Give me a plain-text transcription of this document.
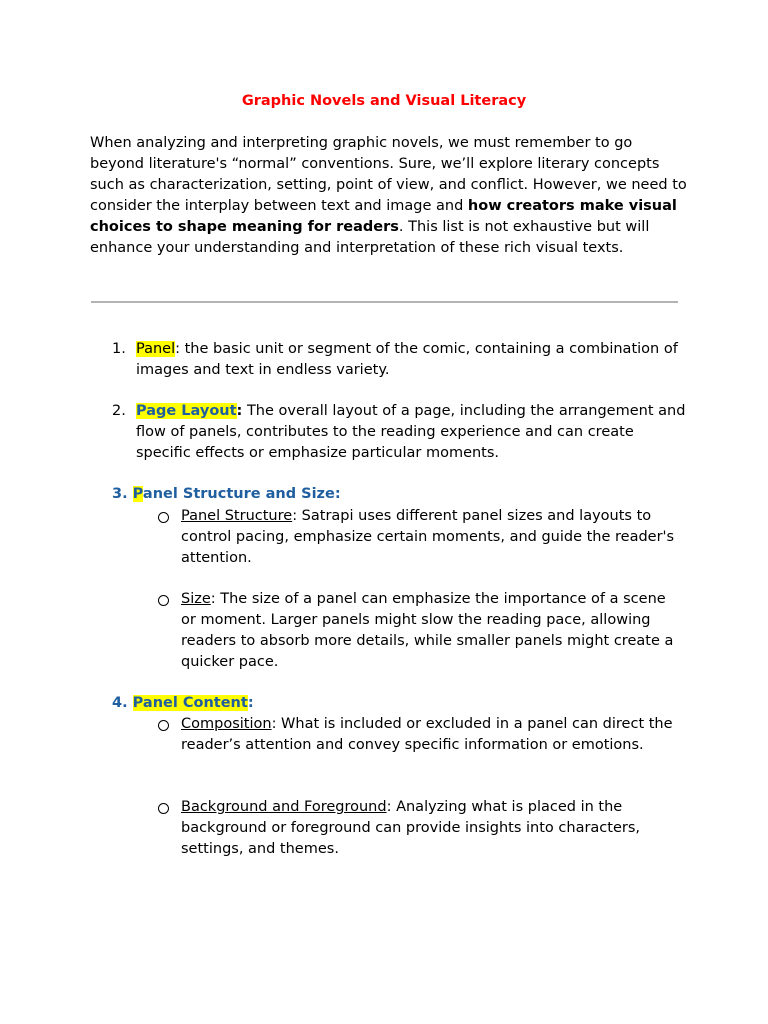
Graphic Novels and Visual Literacy
When analyzing and interpreting graphic novels, we must remember to go beyond literature's “normal” conventions. Sure, we’ll explore literary concepts such as characterization, setting, point of view, and conflict. However, we need to consider the interplay between text and image and how creators make visual choices to shape meaning for readers. This list is not exhaustive but will enhance your understanding and interpretation of these rich visual texts.
1. Panel: the basic unit or segment of the comic, containing a combination of images and text in endless variety.
2. Page Layout: The overall layout of a page, including the arrangement and flow of panels, contributes to the reading experience and can create specific effects or emphasize particular moments.
3. Panel Structure and Size:
Panel Structure: Satrapi uses different panel sizes and layouts to control pacing, emphasize certain moments, and guide the reader's attention.
Size: The size of a panel can emphasize the importance of a scene or moment. Larger panels might slow the reading pace, allowing readers to absorb more details, while smaller panels might create a quicker pace.
4. Panel Content:
Composition: What is included or excluded in a panel can direct the reader’s attention and convey specific information or emotions.
Background and Foreground: Analyzing what is placed in the background or foreground can provide insights into characters, settings, and themes.
